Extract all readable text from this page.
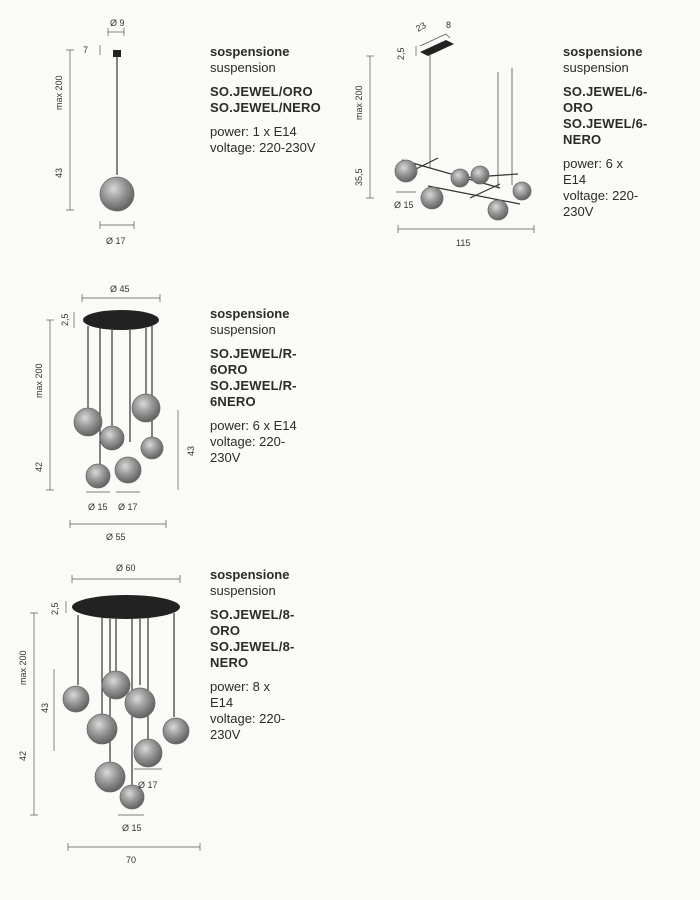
Ø 9
7
max 200
43
Ø 17
sospensione
suspension
SO.JEWEL/ORO
SO.JEWEL/NERO
power: 1 x E14
voltage: 220-230V
23 8
2,5
max 200
35,5
Ø 15
115
sospensione
suspension
SO.JEWEL/6-ORO
SO.JEWEL/6-NERO
power: 6 x E14
voltage: 220-230V
Ø 45
2,5
max 200
42
43
Ø 15 Ø 17
Ø 55
sospensione
suspension
SO.JEWEL/R-6ORO
SO.JEWEL/R-6NERO
power: 6 x E14
voltage: 220-230V
Ø 60
2,5
max 200
42
43
Ø 17
Ø 15
70
sospensione
suspension
SO.JEWEL/8-ORO
SO.JEWEL/8-NERO
power: 8 x E14
voltage: 220-230V
